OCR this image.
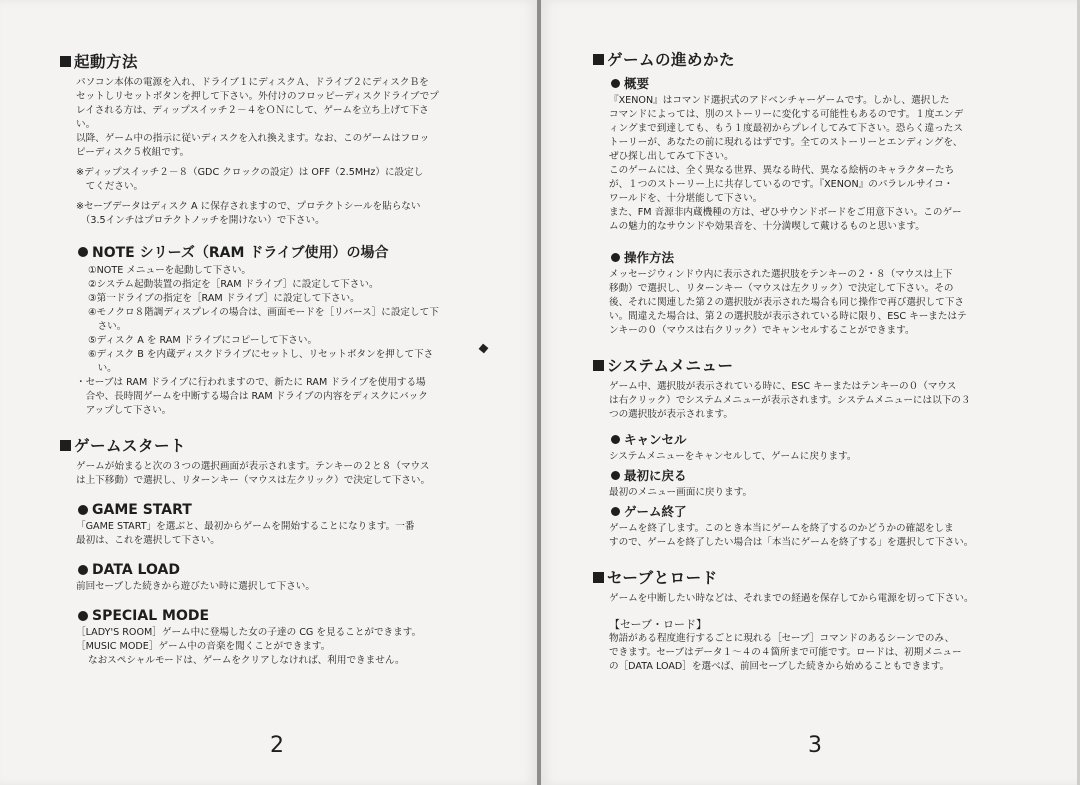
起動方法

パソコン本体の電源を入れ、ドライブ１にディスクＡ、ドライブ２にディスクＢを
セットしリセットボタンを押して下さい。外付けのフロッピーディスクドライブでプ
レイされる方は、ディップスイッチ２－４をＯＮにして、ゲームを立ち上げて下さ
い。

以降、ゲーム中の指示に従いディスクを入れ換えます。なお、このゲームはフロッ
ピーディスク５枚組です。

※ディップスイッチ２－８（GDC クロックの設定）は OFF（2.5MHz）に設定し
　てください。

※セーブデータはディスク A に保存されますので、プロテクトシールを貼らない
　（3.5インチはプロテクトノッチを開けない）で下さい。

NOTE シリーズ（RAM ドライブ使用）の場合

①NOTE メニューを起動して下さい。
②システム起動装置の指定を［RAM ドライブ］に設定して下さい。
③第一ドライブの指定を［RAM ドライブ］に設定して下さい。
④モノクロ８階調ディスプレイの場合は、画面モードを［リバース］に設定して下
　さい。
⑤ディスク A を RAM ドライブにコピーして下さい。
⑥ディスク B を内蔵ディスクドライブにセットし、リセットボタンを押して下さ
　い。

・セーブは RAM ドライブに行われますので、新たに RAM ドライブを使用する場
　合や、長時間ゲームを中断する場合は RAM ドライブの内容をディスクにバック
　アップして下さい。

ゲームスタート

ゲームが始まると次の３つの選択画面が表示されます。テンキーの２と８（マウス
は上下移動）で選択し、リターンキー（マウスは左クリック）で決定して下さい。

GAME START

「GAME START」を選ぶと、最初からゲームを開始することになります。一番
最初は、これを選択して下さい。

DATA LOAD

前回セーブした続きから遊びたい時に選択して下さい。

SPECIAL MODE

［LADY'S ROOM］ゲーム中に登場した女の子達の CG を見ることができます。

［MUSIC MODE］ゲーム中の音楽を聞くことができます。

なおスペシャルモードは、ゲームをクリアしなければ、利用できません。

2
ゲームの進めかた
概要

『XENON』はコマンド選択式のアドベンチャーゲームです。しかし、選択した
コマンドによっては、別のストーリーに変化する可能性もあるのです。１度エンデ
ィングまで到達しても、もう１度最初からプレイしてみて下さい。恐らく違ったス
トーリーが、あなたの前に現れるはずです。全てのストーリーとエンディングを、
ぜひ探し出してみて下さい。

このゲームには、全く異なる世界、異なる時代、異なる絵柄のキャラクターたち
が、１つのストーリー上に共存しているのです。『XENON』のパラレルサイコ・
ワールドを、十分堪能して下さい。

また、FM 音源非内蔵機種の方は、ぜひサウンドボードをご用意下さい。このゲー
ムの魅力的なサウンドや効果音を、十分満喫して戴けるものと思います。

操作方法

メッセージウィンドウ内に表示された選択肢をテンキーの２・８（マウスは上下
移動）で選択し、リターンキー（マウスは左クリック）で決定して下さい。その
後、それに関連した第２の選択肢が表示された場合も同じ操作で再び選択して下さ
い。間違えた場合は、第２の選択肢が表示されている時に限り、ESC キーまたはテ
ンキーの０（マウスは右クリック）でキャンセルすることができます。

システムメニュー

ゲーム中、選択肢が表示されている時に、ESC キーまたはテンキーの０（マウス
は右クリック）でシステムメニューが表示されます。システムメニューには以下の３
つの選択肢が表示されます。

キャンセル

システムメニューをキャンセルして、ゲームに戻ります。

最初に戻る

最初のメニュー画面に戻ります。

ゲーム終了

ゲームを終了します。このとき本当にゲームを終了するのかどうかの確認をしま
すので、ゲームを終了したい場合は「本当にゲームを終了する」を選択して下さい。

セーブとロード

ゲームを中断したい時などは、それまでの経過を保存してから電源を切って下さい。

【セーブ・ロード】

物語がある程度進行するごとに現れる［セーブ］コマンドのあるシーンでのみ、
できます。セーブはデータ１～４の４箇所まで可能です。ロードは、初期メニュー
の［DATA LOAD］を選べば、前回セーブした続きから始めることもできます。

3
